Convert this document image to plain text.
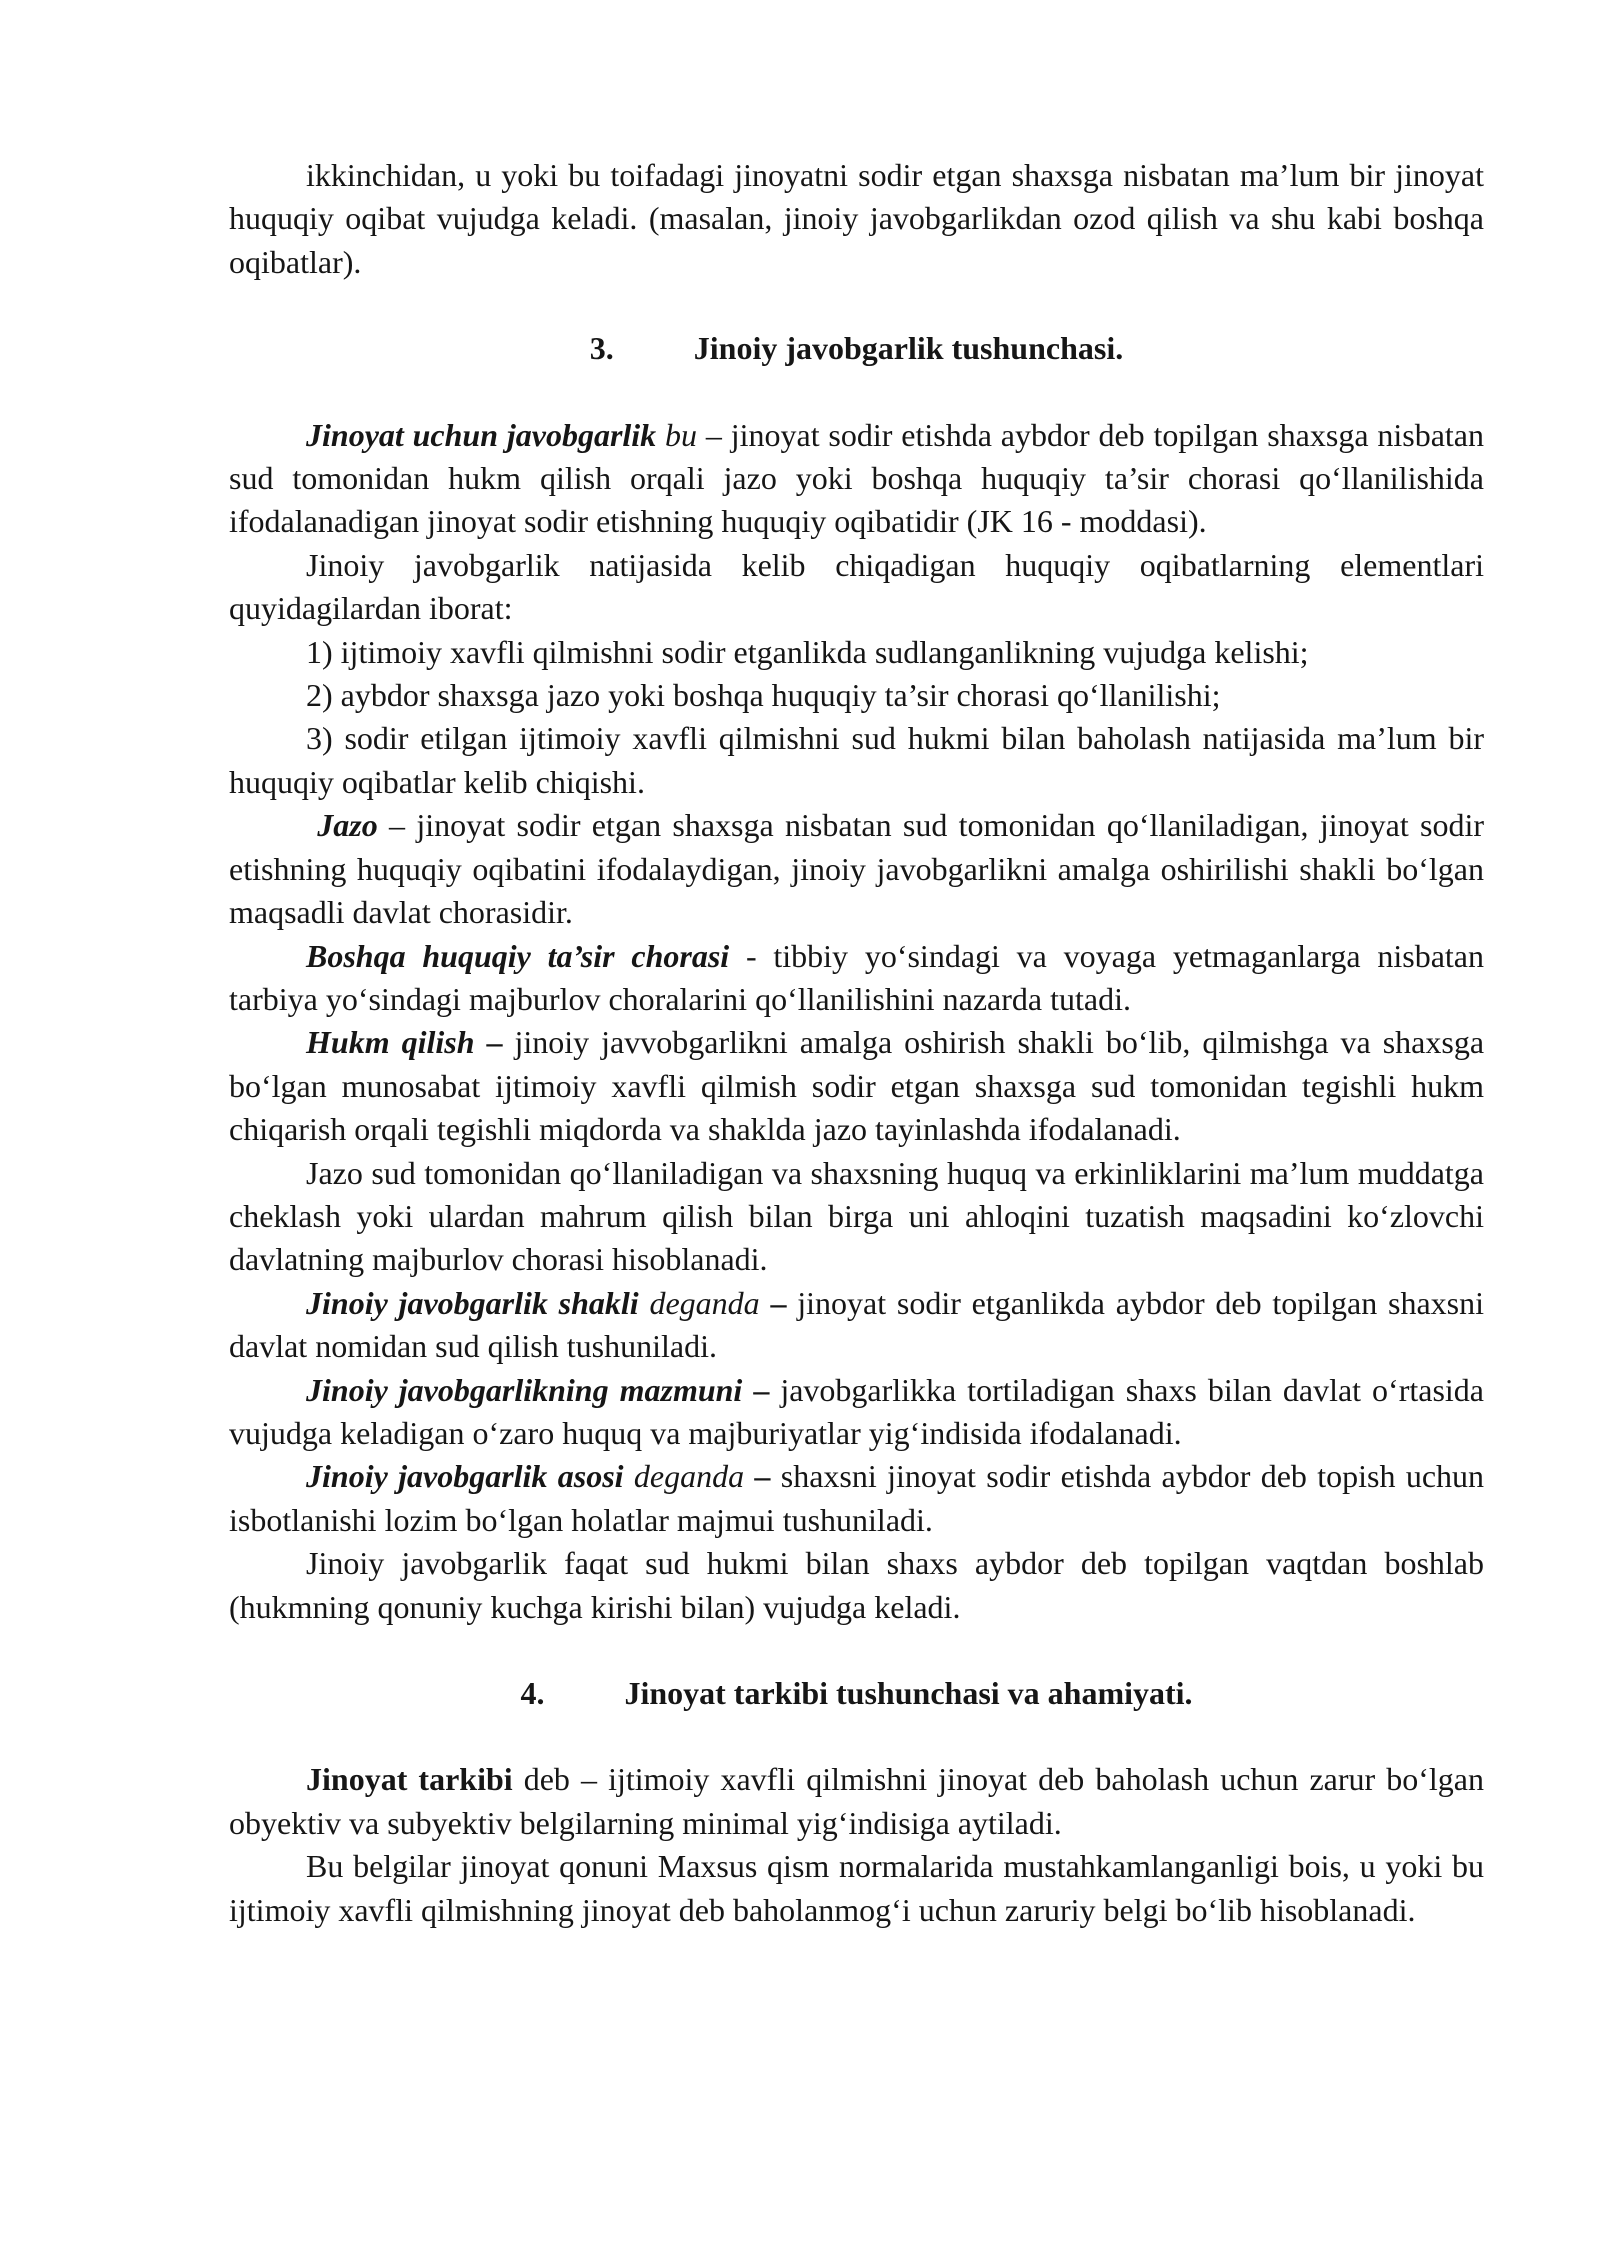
ikkinchidan, u yoki bu toifadagi jinoyatni sodir etgan shaxsga nisbatan ma’lum bir jinoyat huquqiy oqibat vujudga keladi. (masalan, jinoiy javobgarlikdan ozod qilish va shu kabi boshqa oqibatlar).

3.	Jinoiy javobgarlik tushunchasi.

Jinoyat uchun javobgarlik bu – jinoyat sodir etishda aybdor deb topilgan shaxsga nisbatan sud tomonidan hukm qilish orqali jazo yoki boshqa huquqiy ta’sir chorasi qo‘llanilishida ifodalanadigan jinoyat sodir etishning huquqiy oqibatidir (JK 16 - moddasi).

Jinoiy javobgarlik natijasida kelib chiqadigan huquqiy oqibatlarning elementlari quyidagilardan iborat:

1) ijtimoiy xavfli qilmishni sodir etganlikda sudlanganlikning vujudga kelishi;

2) aybdor shaxsga jazo yoki boshqa huquqiy ta’sir chorasi qo‘llanilishi;

3) sodir etilgan ijtimoiy xavfli qilmishni sud hukmi bilan baholash natijasida ma’lum bir huquqiy oqibatlar kelib chiqishi.

Jazo – jinoyat sodir etgan shaxsga nisbatan sud tomonidan qo‘llaniladigan, jinoyat sodir etishning huquqiy oqibatini ifodalaydigan, jinoiy javobgarlikni amalga oshirilishi shakli bo‘lgan maqsadli davlat chorasidir.

Boshqa huquqiy ta’sir chorasi - tibbiy yo‘sindagi va voyaga yetmaganlarga nisbatan tarbiya yo‘sindagi majburlov choralarini qo‘llanilishini nazarda tutadi.

Hukm qilish – jinoiy javvobgarlikni amalga oshirish shakli bo‘lib, qilmishga va shaxsga bo‘lgan munosabat ijtimoiy xavfli qilmish sodir etgan shaxsga sud tomonidan tegishli hukm chiqarish orqali tegishli miqdorda va shaklda jazo tayinlashda ifodalanadi.

Jazo sud tomonidan qo‘llaniladigan va shaxsning huquq va erkinliklarini ma’lum muddatga cheklash yoki ulardan mahrum qilish bilan birga uni ahloqini tuzatish maqsadini ko‘zlovchi davlatning majburlov chorasi hisoblanadi.

Jinoiy javobgarlik shakli deganda – jinoyat sodir etganlikda aybdor deb topilgan shaxsni davlat nomidan sud qilish tushuniladi.

Jinoiy javobgarlikning mazmuni – javobgarlikka tortiladigan shaxs bilan davlat o‘rtasida vujudga keladigan o‘zaro huquq va majburiyatlar yig‘indisida ifodalanadi.

Jinoiy javobgarlik asosi deganda – shaxsni jinoyat sodir etishda aybdor deb topish uchun isbotlanishi lozim bo‘lgan holatlar majmui tushuniladi.

Jinoiy javobgarlik faqat sud hukmi bilan shaxs aybdor deb topilgan vaqtdan boshlab (hukmning qonuniy kuchga kirishi bilan) vujudga keladi.

4.	Jinoyat tarkibi tushunchasi va ahamiyati.

Jinoyat tarkibi deb – ijtimoiy xavfli qilmishni jinoyat deb baholash uchun zarur bo‘lgan obyektiv va subyektiv belgilarning minimal yig‘indisiga aytiladi.

Bu belgilar jinoyat qonuni Maxsus qism normalarida mustahkamlanganligi bois, u yoki bu ijtimoiy xavfli qilmishning jinoyat deb baholanmog‘i uchun zaruriy belgi bo‘lib hisoblanadi.
